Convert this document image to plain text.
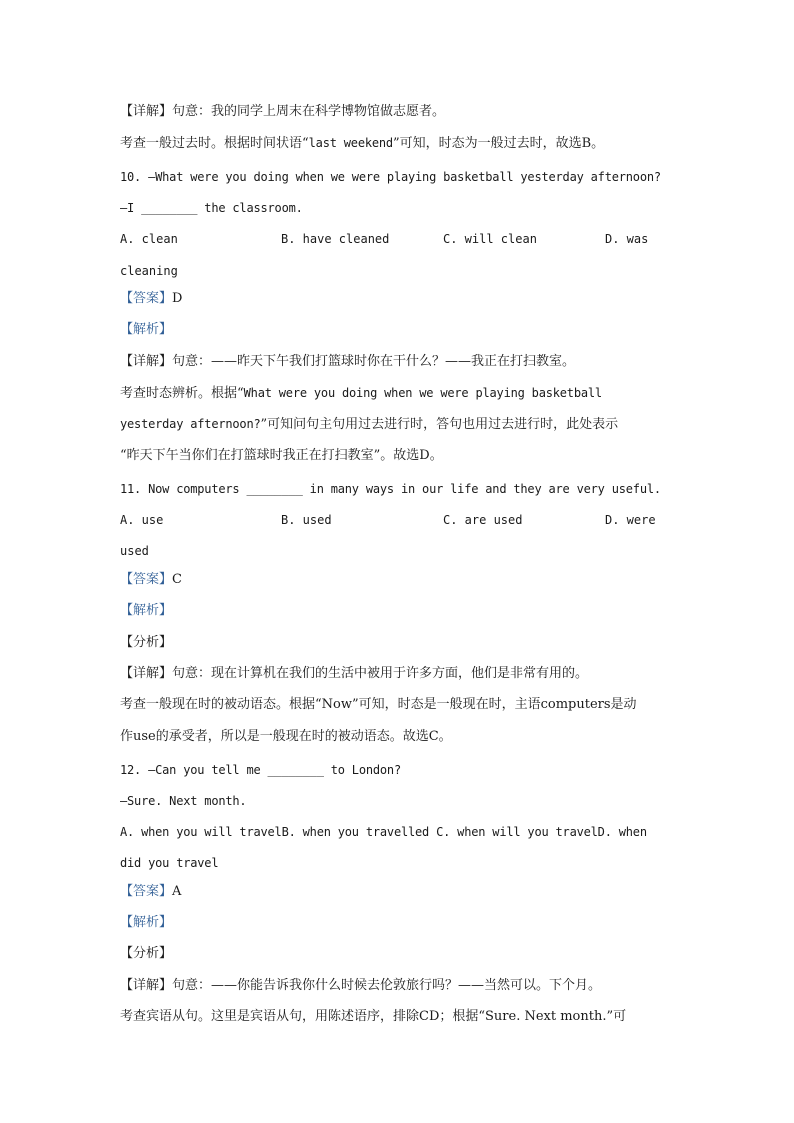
【详解】句意：我的同学上周末在科学博物馆做志愿者。
考查一般过去时。根据时间状语“last weekend”可知，时态为一般过去时，故选B。
10. —What were you doing when we were playing basketball yesterday afternoon?
—I ________ the classroom.
A. clean	B. have cleaned	C. will clean	D. was
cleaning
【答案】D
【解析】
【详解】句意：——昨天下午我们打篮球时你在干什么？——我正在打扫教室。
考查时态辨析。根据“What were you doing when we were playing basketball
yesterday afternoon?”可知问句主句用过去进行时，答句也用过去进行时，此处表示
“昨天下午当你们在打篮球时我正在打扫教室”。故选D。
11. Now computers ________ in many ways in our life and they are very useful.
A. use	B. used	C. are used	D. were
used
【答案】C
【解析】
【分析】
【详解】句意：现在计算机在我们的生活中被用于许多方面，他们是非常有用的。
考查一般现在时的被动语态。根据“Now”可知，时态是一般现在时，主语computers是动
作use的承受者，所以是一般现在时的被动语态。故选C。
12. —Can you tell me ________ to London?
—Sure. Next month.
A. when you will travelB. when you travelled C. when will you travelD. when
did you travel
【答案】A
【解析】
【分析】
【详解】句意：——你能告诉我你什么时候去伦敦旅行吗？——当然可以。下个月。
考查宾语从句。这里是宾语从句，用陈述语序，排除CD；根据“Sure. Next month.”可
